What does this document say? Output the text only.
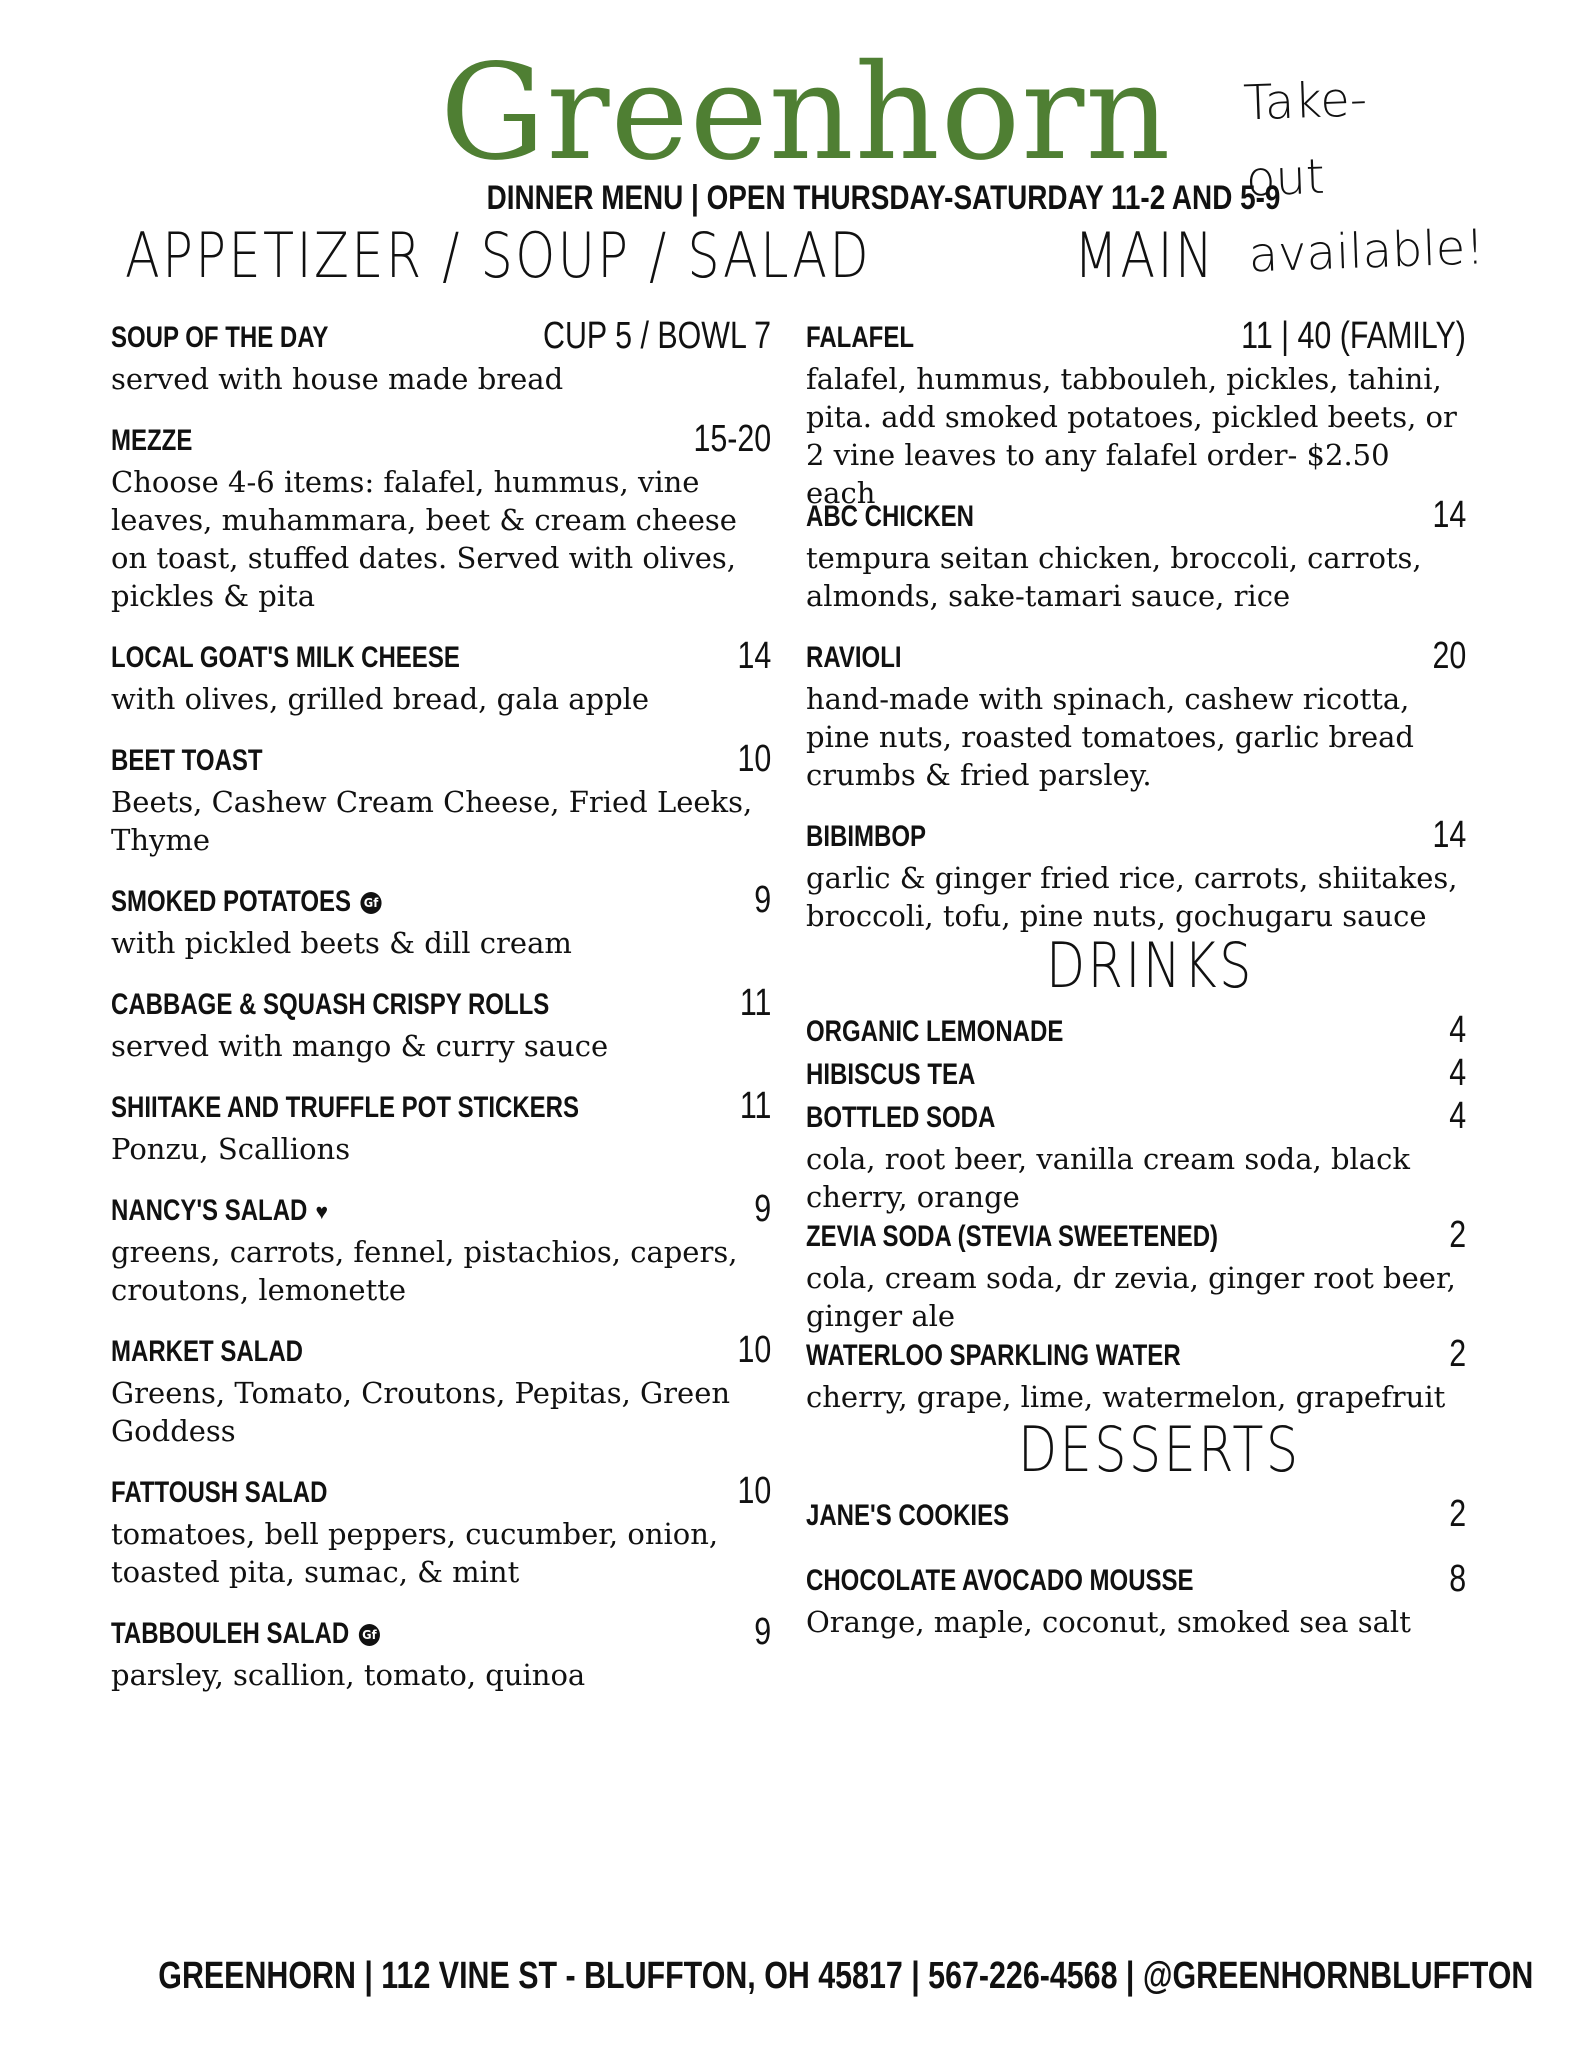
Greenhorn Take-out
available!
DINNER MENU | OPEN THURSDAY-SATURDAY 11-2 AND 5-9
APPETIZER / SOUP / SALAD	MAIN
DRINKS
DESSERTS
SOUP OF THE DAY	CUP 5 / BOWL 7
served with house made bread
MEZZE	15-20
Choose 4-6 items: falafel, hummus, vine leaves, muhammara, beet & cream cheese on toast, stuffed dates. Served with olives, pickles & pita
LOCAL GOAT'S MILK CHEESE	14
with olives, grilled bread, gala apple
BEET TOAST	10
Beets, Cashew Cream Cheese, Fried Leeks, Thyme
SMOKED POTATOES Gf	9
with pickled beets & dill cream
CABBAGE & SQUASH CRISPY ROLLS	11
served with mango & curry sauce
SHIITAKE AND TRUFFLE POT STICKERS	11
Ponzu, Scallions
NANCY'S SALAD ♥	9
greens, carrots, fennel, pistachios, capers, croutons, lemonette
MARKET SALAD	10
Greens, Tomato, Croutons, Pepitas, Green Goddess
FATTOUSH SALAD	10
tomatoes, bell peppers, cucumber, onion, toasted pita, sumac, & mint
TABBOULEH SALAD Gf	9
parsley, scallion, tomato, quinoa
FALAFEL	11 | 40 (FAMILY)
falafel, hummus, tabbouleh, pickles, tahini, pita. add smoked potatoes, pickled beets, or 2 vine leaves to any falafel order- $2.50 each
ABC CHICKEN	14
tempura seitan chicken, broccoli, carrots, almonds, sake-tamari sauce, rice
RAVIOLI	20
hand-made with spinach, cashew ricotta, pine nuts, roasted tomatoes, garlic bread crumbs & fried parsley.
BIBIMBOP	14
garlic & ginger fried rice, carrots, shiitakes, broccoli, tofu, pine nuts, gochugaru sauce
ORGANIC LEMONADE	4
HIBISCUS TEA	4
BOTTLED SODA	4
cola, root beer, vanilla cream soda, black cherry, orange
ZEVIA SODA (STEVIA SWEETENED)	2
cola, cream soda, dr zevia, ginger root beer, ginger ale
WATERLOO SPARKLING WATER	2
cherry, grape, lime, watermelon, grapefruit
JANE'S COOKIES	2
CHOCOLATE AVOCADO MOUSSE	8
Orange, maple, coconut, smoked sea salt
GREENHORN | 112 VINE ST - BLUFFTON, OH 45817 | 567-226-4568 | @GREENHORNBLUFFTON
